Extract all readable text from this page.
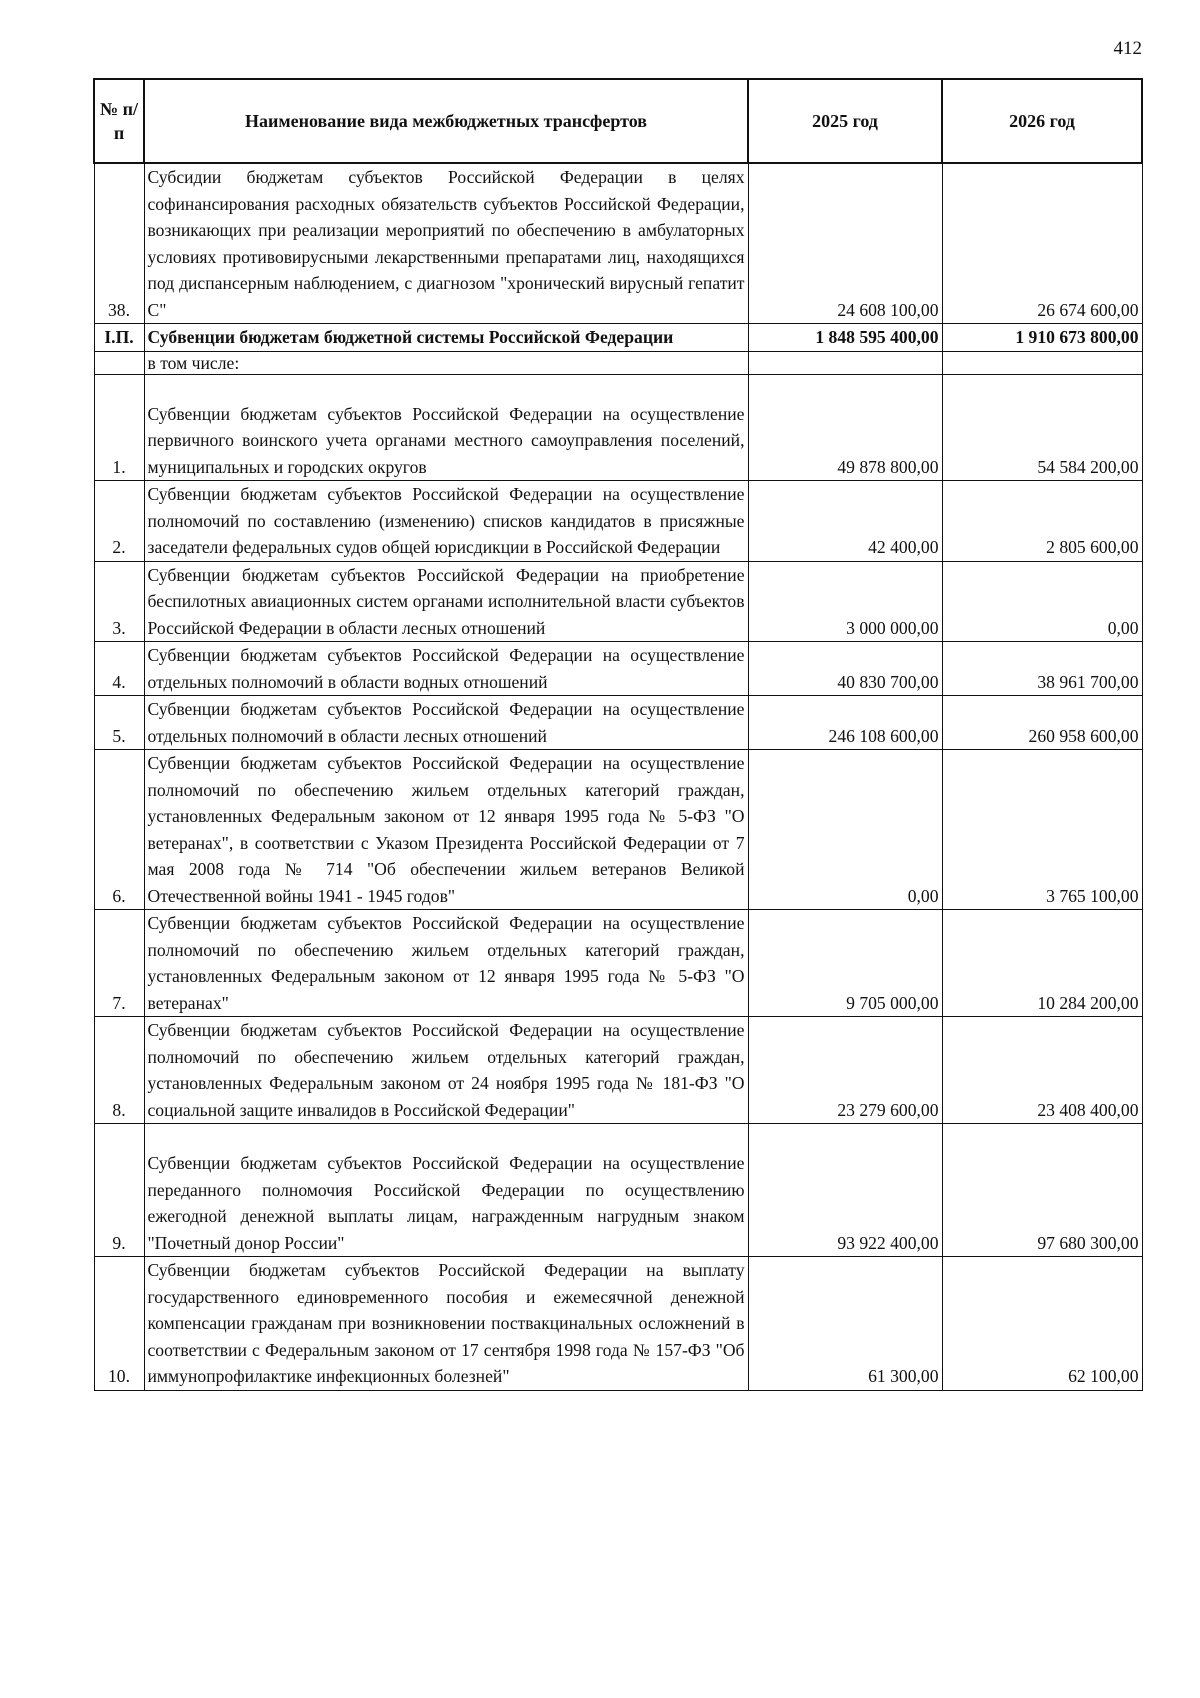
412
№ п/п	Наименование вида межбюджетных трансфертов	2025 год	2026 год
38.	Субсидии бюджетам субъектов Российской Федерации в целях софинансирования расходных обязательств субъектов Российской Федерации, возникающих при реализации мероприятий по обеспечению в амбулаторных условиях противовирусными лекарственными препаратами лиц, находящихся под диспансерным наблюдением, с диагнозом "хронический вирусный гепатит С"	24 608 100,00	26 674 600,00
I.П.	Субвенции бюджетам бюджетной системы Российской Федерации	1 848 595 400,00	1 910 673 800,00
	в том числе:		
1.	Субвенции бюджетам субъектов Российской Федерации на осуществление первичного воинского учета органами местного самоуправления поселений, муниципальных и городских округов	49 878 800,00	54 584 200,00
2.	Субвенции бюджетам субъектов Российской Федерации на осуществление полномочий по составлению (изменению) списков кандидатов в присяжные заседатели федеральных судов общей юрисдикции в Российской Федерации	42 400,00	2 805 600,00
3.	Субвенции бюджетам субъектов Российской Федерации на приобретение беспилотных авиационных систем органами исполнительной власти субъектов Российской Федерации в области лесных отношений	3 000 000,00	0,00
4.	Субвенции бюджетам субъектов Российской Федерации на осуществление отдельных полномочий в области водных отношений	40 830 700,00	38 961 700,00
5.	Субвенции бюджетам субъектов Российской Федерации на осуществление отдельных полномочий в области лесных отношений	246 108 600,00	260 958 600,00
6.	Субвенции бюджетам субъектов Российской Федерации на осуществление полномочий по обеспечению жильем отдельных категорий граждан, установленных Федеральным законом от 12 января 1995 года № 5-ФЗ "О ветеранах", в соответствии с Указом Президента Российской Федерации от 7 мая 2008 года № 714 "Об обеспечении жильем ветеранов Великой Отечественной войны 1941 - 1945 годов"	0,00	3 765 100,00
7.	Субвенции бюджетам субъектов Российской Федерации на осуществление полномочий по обеспечению жильем отдельных категорий граждан, установленных Федеральным законом от 12 января 1995 года № 5-ФЗ "О ветеранах"	9 705 000,00	10 284 200,00
8.	Субвенции бюджетам субъектов Российской Федерации на осуществление полномочий по обеспечению жильем отдельных категорий граждан, установленных Федеральным законом от 24 ноября 1995 года № 181-ФЗ "О социальной защите инвалидов в Российской Федерации"	23 279 600,00	23 408 400,00
9.	Субвенции бюджетам субъектов Российской Федерации на осуществление переданного полномочия Российской Федерации по осуществлению ежегодной денежной выплаты лицам, награжденным нагрудным знаком "Почетный донор России"	93 922 400,00	97 680 300,00
10.	Субвенции бюджетам субъектов Российской Федерации на выплату государственного единовременного пособия и ежемесячной денежной компенсации гражданам при возникновении поствакцинальных осложнений в соответствии с Федеральным законом от 17 сентября 1998 года № 157-ФЗ "Об иммунопрофилактике инфекционных болезней"	61 300,00	62 100,00
